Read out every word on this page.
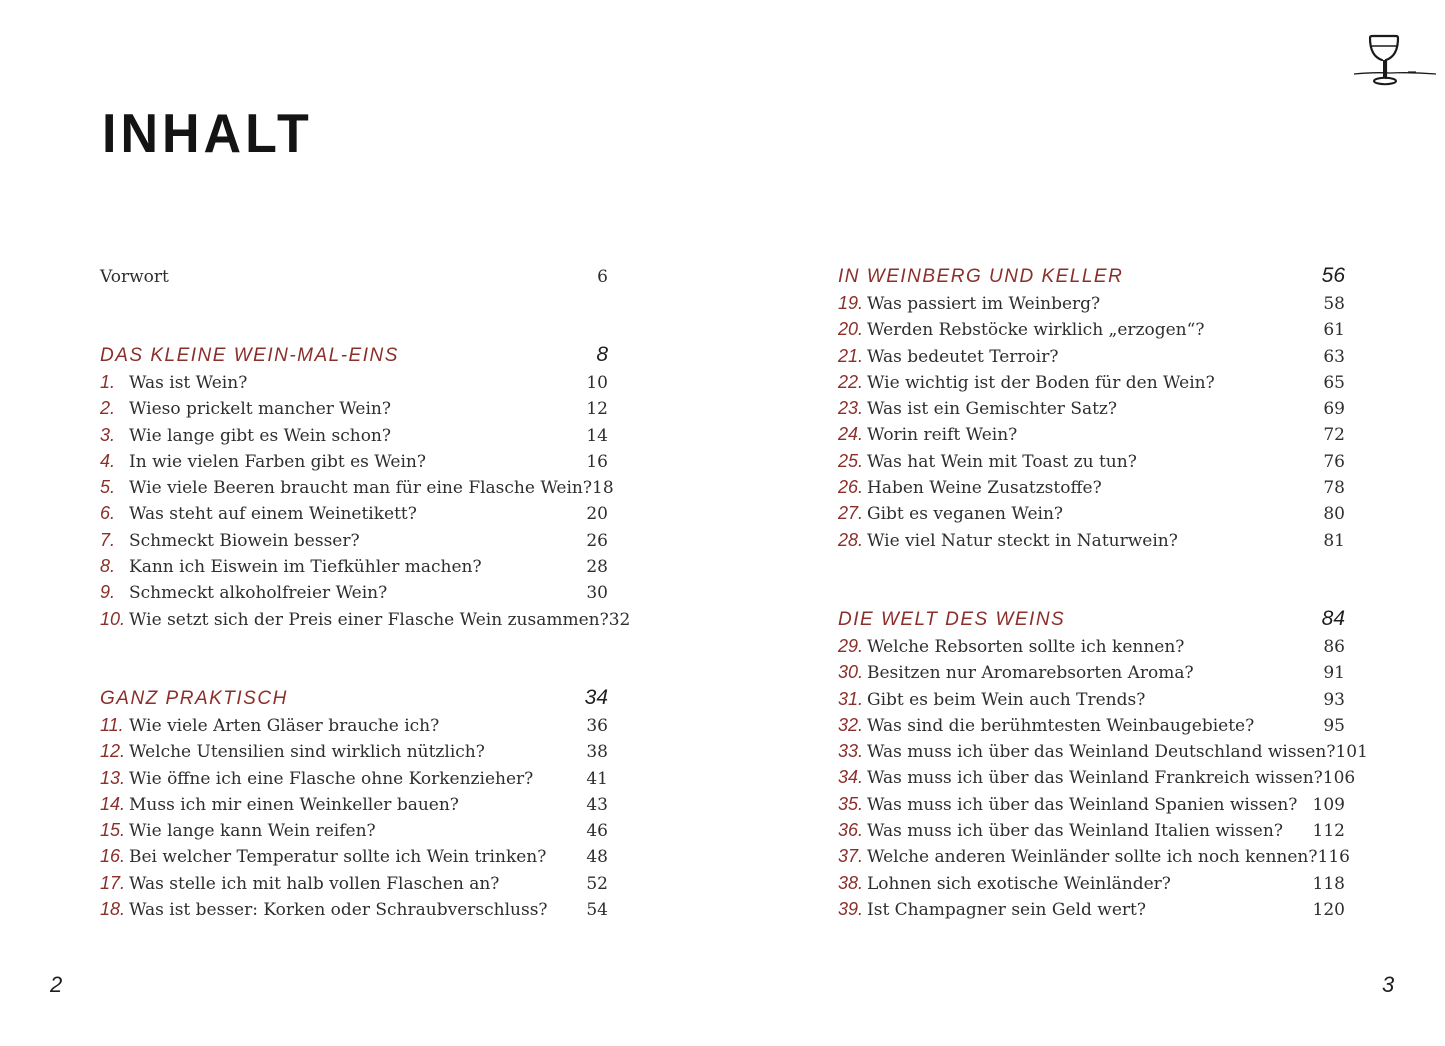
INHALT
Vorwort	6
DAS KLEINE WEIN-MAL-EINS	8
1. Was ist Wein?	10
2. Wieso prickelt mancher Wein?	12
3. Wie lange gibt es Wein schon?	14
4. In wie vielen Farben gibt es Wein?	16
5. Wie viele Beeren braucht man für eine Flasche Wein? 18
6. Was steht auf einem Weinetikett?	20
7. Schmeckt Biowein besser?	26
8. Kann ich Eiswein im Tiefkühler machen?	28
9. Schmeckt alkoholfreier Wein?	30
10. Wie setzt sich der Preis einer Flasche Wein zusammen? 32
GANZ PRAKTISCH	34
11. Wie viele Arten Gläser brauche ich?	36
12. Welche Utensilien sind wirklich nützlich?	38
13. Wie öffne ich eine Flasche ohne Korkenzieher?	41
14. Muss ich mir einen Weinkeller bauen?	43
15. Wie lange kann Wein reifen?	46
16. Bei welcher Temperatur sollte ich Wein trinken?	48
17. Was stelle ich mit halb vollen Flaschen an?	52
18. Was ist besser: Korken oder Schraubverschluss?	54
IN WEINBERG UND KELLER	56
19. Was passiert im Weinberg?	58
20. Werden Rebstöcke wirklich „erzogen“?	61
21. Was bedeutet Terroir?	63
22. Wie wichtig ist der Boden für den Wein?	65
23. Was ist ein Gemischter Satz?	69
24. Worin reift Wein?	72
25. Was hat Wein mit Toast zu tun?	76
26. Haben Weine Zusatzstoffe?	78
27. Gibt es veganen Wein?	80
28. Wie viel Natur steckt in Naturwein?	81
DIE WELT DES WEINS	84
29. Welche Rebsorten sollte ich kennen?	86
30. Besitzen nur Aromarebsorten Aroma?	91
31. Gibt es beim Wein auch Trends?	93
32. Was sind die berühmtesten Weinbaugebiete?	95
33. Was muss ich über das Weinland Deutschland wissen? 101
34. Was muss ich über das Weinland Frankreich wissen? 106
35. Was muss ich über das Weinland Spanien wissen? 109
36. Was muss ich über das Weinland Italien wissen?	112
37. Welche anderen Weinländer sollte ich noch kennen? 116
38. Lohnen sich exotische Weinländer?	118
39. Ist Champagner sein Geld wert?	120
2	3
